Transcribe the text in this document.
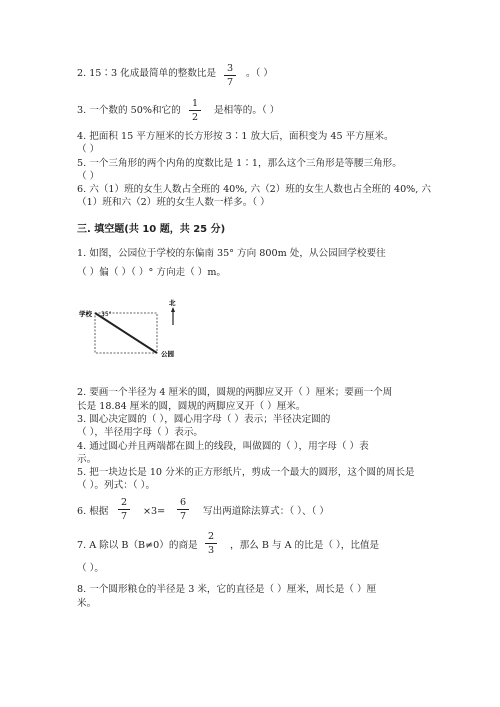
2. 15∶3 化成最简单的整数比是	3
7
。（ ）
3. 一个数的 50%和它的
1
2
是相等的。（ ）
4. 把面积 15 平方厘米的长方形按 3∶1 放大后，面积变为 45 平方厘米。
（ ）
5. 一个三角形的两个内角的度数比是 1∶1，那么这个三角形是等腰三角形。
（ ）
6. 六（1）班的女生人数占全班的 40%, 六（2）班的女生人数也占全班的 40%, 六
（1）班和六（2）班的女生人数一样多。（ ）
三. 填空题(共 10 题，共 25 分)
1. 如图，公园位于学校的东偏南 35° 方向 800m 处，从公园回学校要往
（ ）偏（ ）（ ）° 方向走（ ）m。
学校 35°
北
公园
2. 要画一个半径为 4 厘米的圆，圆规的两脚应叉开（ ）厘米；要画一个周
长是 18.84 厘米的圆，圆规的两脚应叉开（ ）厘米。
3. 圆心决定圆的（ ），圆心用字母（ ）表示；半径决定圆的
（ ），半径用字母（ ）表示。
4. 通过圆心并且两端都在圆上的线段，叫做圆的（ ），用字母（ ）表
示。
5. 把一块边长是 10 分米的正方形纸片，剪成一个最大的圆形，这个圆的周长是
（ ）。列式：（ ）。
6. 根据
2
7	×3=
6
7	写出两道除法算式：（ ）、（ ）
7. A 除以 B（B≠0）的商是
2
3	，那么 B 与 A 的比是（ ），比值是
（ ）。
8. 一个圆形粮仓的半径是 3 米，它的直径是（ ）厘米，周长是（ ）厘
米。
